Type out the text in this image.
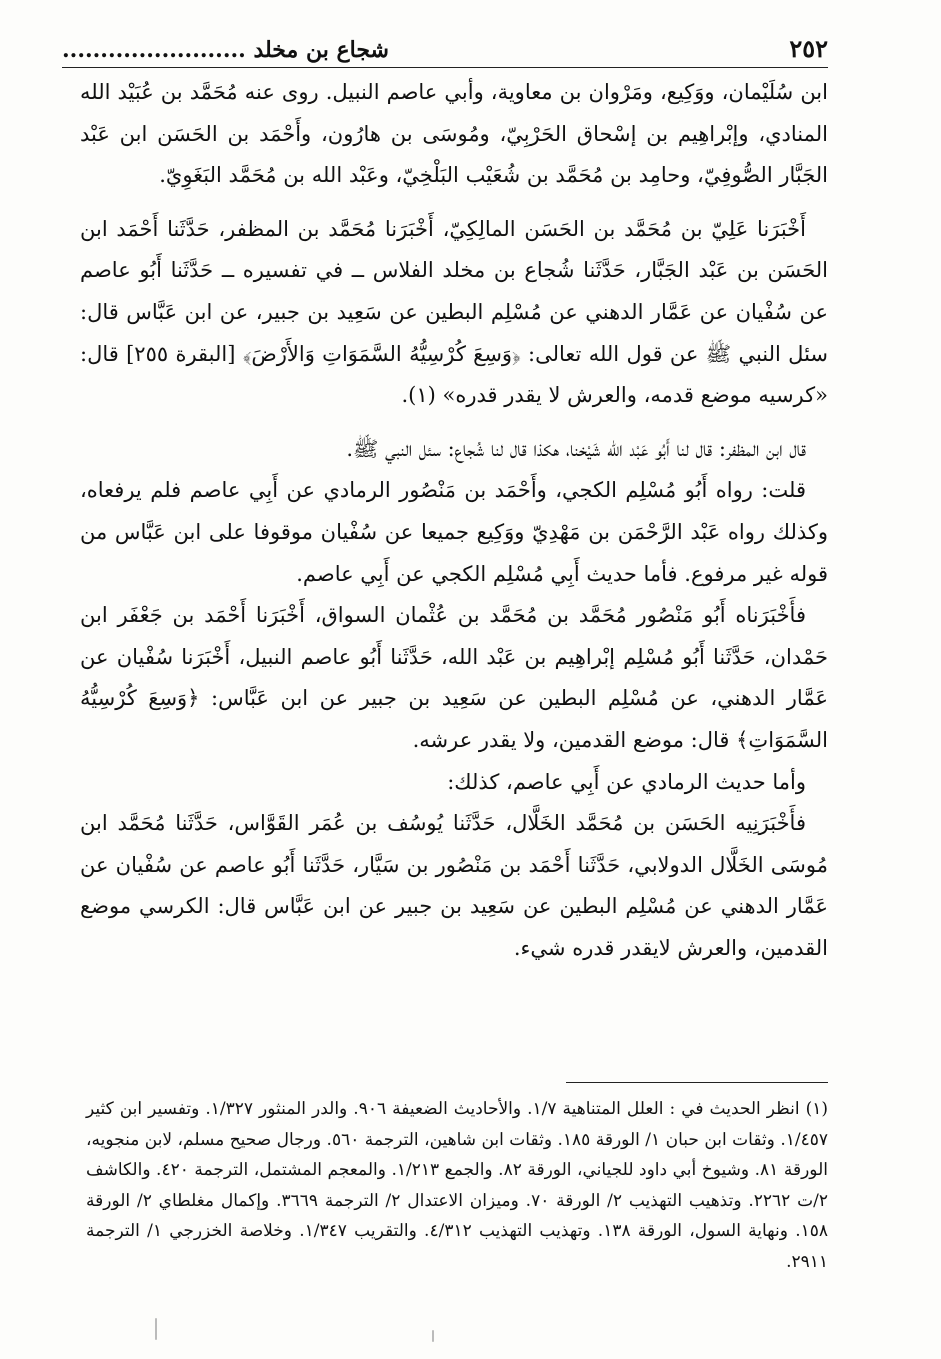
٢٥٢
شجاع بن مخلد ........................

ابن سُلَيْمان، ووَكِيع، ومَرْوان بن معاوية، وأبي عاصم النبيل. روى عنه مُحَمَّد بن عُبَيْد الله المنادي، وإبْراهِيم بن إسْحاق الحَرْبِيّ، ومُوسَى بن هارُون، وأَحْمَد بن الحَسَن ابن عَبْد الجَبَّار الصُّوفِيّ، وحامِد بن مُحَمَّد بن شُعَيْب البَلْخِيّ، وعَبْد الله بن مُحَمَّد البَغَوِيّ.

أَخْبَرَنا عَلِيّ بن مُحَمَّد بن الحَسَن المالِكِيّ، أَخْبَرَنا مُحَمَّد بن المظفر، حَدَّثَنا أَحْمَد ابن الحَسَن بن عَبْد الجَبَّار، حَدَّثَنا شُجاع بن مخلد الفلاس ــ في تفسيره ــ حَدَّثَنا أَبُو عاصم عن سُفْيان عن عَمَّار الدهني عن مُسْلِم البطين عن سَعِيد بن جبير، عن ابن عَبَّاس قال: سئل النبي ﷺ عن قول الله تعالى: ﴿وَسِعَ كُرْسِيُّهُ السَّمَوَاتِ وَالأَرْضَ﴾ [البقرة ٢٥٥] قال: «كرسيه موضع قدمه، والعرش لا يقدر قدره» (١).

قال ابن المظفر: قال لنا أَبُو عَبْد الله شَيْخنا، هكذا قال لنا شُجاع: سئل النبي ﷺ.

قلت: رواه أَبُو مُسْلِم الكجي، وأَحْمَد بن مَنْصُور الرمادي عن أَبِي عاصم فلم يرفعاه، وكذلك رواه عَبْد الرَّحْمَن بن مَهْدِيّ ووَكِيع جميعا عن سُفْيان موقوفا على ابن عَبَّاس من قوله غير مرفوع. فأما حديث أَبِي مُسْلِم الكجي عن أَبِي عاصم.

فأَخْبَرَناه أَبُو مَنْصُور مُحَمَّد بن مُحَمَّد بن عُثْمان السواق، أَخْبَرَنا أَحْمَد بن جَعْفَر ابن حَمْدان، حَدَّثَنا أَبُو مُسْلِم إبْراهِيم بن عَبْد الله، حَدَّثَنا أَبُو عاصم النبيل، أَخْبَرَنا سُفْيان عن عَمَّار الدهني، عن مُسْلِم البطين عن سَعِيد بن جبير عن ابن عَبَّاس: ﴿وَسِعَ كُرْسِيُّهُ السَّمَوَاتِ﴾ قال: موضع القدمين، ولا يقدر عرشه.

وأما حديث الرمادي عن أَبِي عاصم، كذلك:

فأَخْبَرَنِيه الحَسَن بن مُحَمَّد الخَلَّال، حَدَّثَنا يُوسُف بن عُمَر القَوَّاس، حَدَّثَنا مُحَمَّد ابن مُوسَى الخَلَّال الدولابي، حَدَّثَنا أَحْمَد بن مَنْصُور بن سَيَّار، حَدَّثَنا أَبُو عاصم عن سُفْيان عن عَمَّار الدهني عن مُسْلِم البطين عن سَعِيد بن جبير عن ابن عَبَّاس قال: الكرسي موضع القدمين، والعرش لايقدر قدره شيء.

(١) انظر الحديث في : العلل المتناهية ١/٧. والأحاديث الضعيفة ٩٠٦. والدر المنثور ١/٣٢٧. وتفسير ابن كثير ١/٤٥٧. وثقات ابن حبان ١/ الورقة ١٨٥. وثقات ابن شاهين، الترجمة ٥٦٠. ورجال صحيح مسلم، لابن منجويه، الورقة ٨١. وشيوخ أبي داود للجياني، الورقة ٨٢. والجمع ١/٢١٣. والمعجم المشتمل، الترجمة ٤٢٠. والكاشف ٢/ت ٢٢٦٢. وتذهيب التهذيب ٢/ الورقة ٧٠. وميزان الاعتدال ٢/ الترجمة ٣٦٦٩. وإكمال مغلطاي ٢/ الورقة ١٥٨. ونهاية السول، الورقة ١٣٨. وتهذيب التهذيب ٤/٣١٢. والتقريب ١/٣٤٧. وخلاصة الخزرجي ١/ الترجمة ٢٩١١.
